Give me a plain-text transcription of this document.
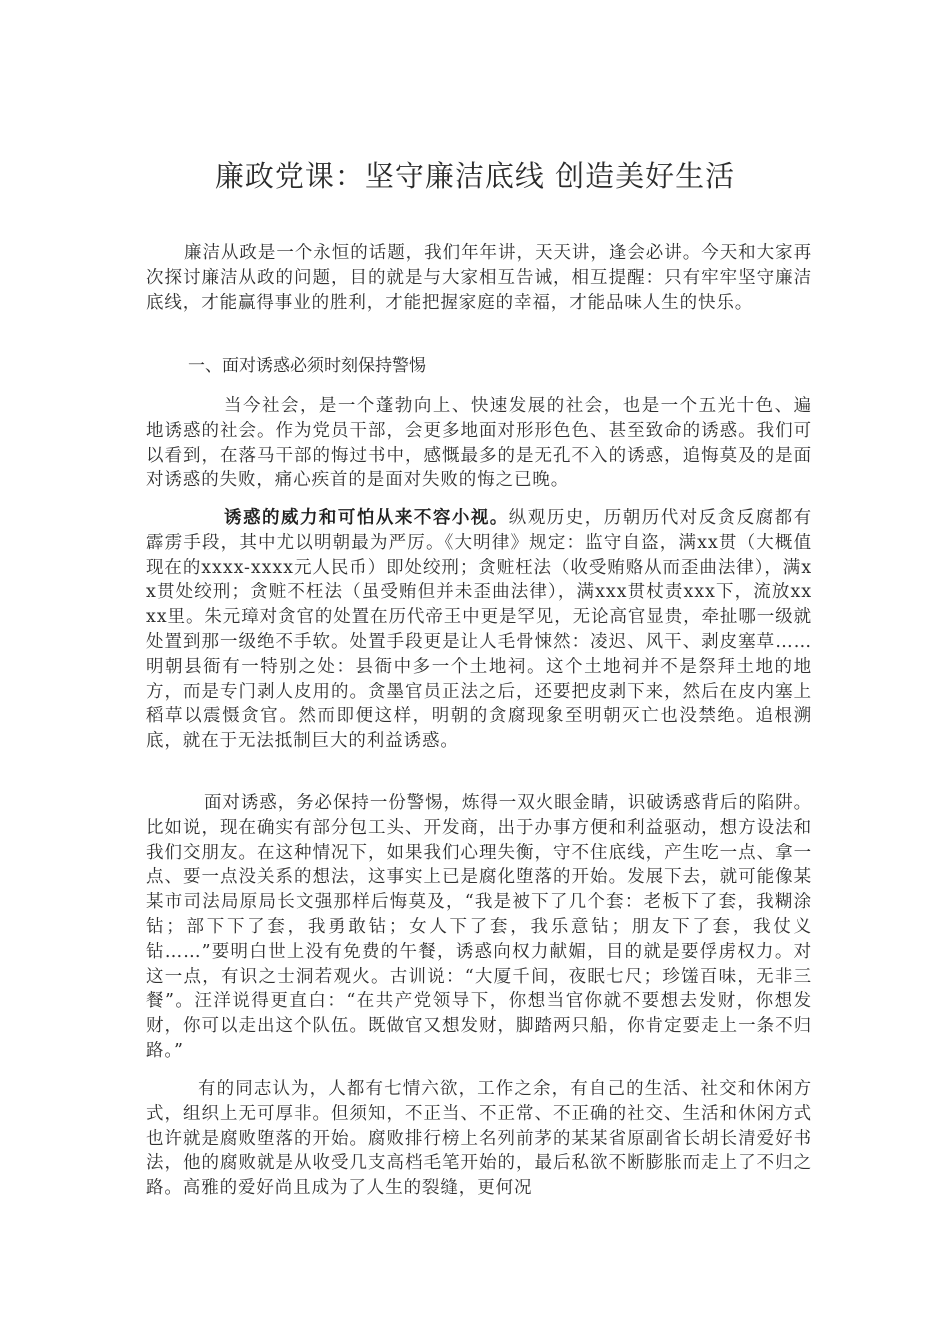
廉政党课：坚守廉洁底线 创造美好生活
廉洁从政是一个永恒的话题，我们年年讲，天天讲，逢会必讲。今天和大家再次探讨廉洁从政的问题，目的就是与大家相互告诫，相互提醒：只有牢牢坚守廉洁底线，才能赢得事业的胜利，才能把握家庭的幸福，才能品味人生的快乐。
一、面对诱惑必须时刻保持警惕
当今社会，是一个蓬勃向上、快速发展的社会，也是一个五光十色、遍地诱惑的社会。作为党员干部，会更多地面对形形色色、甚至致命的诱惑。我们可以看到，在落马干部的悔过书中，感慨最多的是无孔不入的诱惑，追悔莫及的是面对诱惑的失败，痛心疾首的是面对失败的悔之已晚。
诱惑的威力和可怕从来不容小视。纵观历史，历朝历代对反贪反腐都有霹雳手段，其中尤以明朝最为严厉。《大明律》规定：监守自盗，满xx贯（大概值现在的xxxx-xxxx元人民币）即处绞刑；贪赃枉法（收受贿赂从而歪曲法律），满xx贯处绞刑；贪赃不枉法（虽受贿但并未歪曲法律），满xxx贯杖责xxx下，流放xxxx里。朱元璋对贪官的处置在历代帝王中更是罕见，无论高官显贵，牵扯哪一级就处置到那一级绝不手软。处置手段更是让人毛骨悚然：凌迟、风干、剥皮塞草……明朝县衙有一特别之处：县衙中多一个土地祠。这个土地祠并不是祭拜土地的地方，而是专门剥人皮用的。贪墨官员正法之后，还要把皮剥下来，然后在皮内塞上稻草以震慑贪官。然而即便这样，明朝的贪腐现象至明朝灭亡也没禁绝。追根溯底，就在于无法抵制巨大的利益诱惑。
面对诱惑，务必保持一份警惕，炼得一双火眼金睛，识破诱惑背后的陷阱。比如说，现在确实有部分包工头、开发商，出于办事方便和利益驱动，想方设法和我们交朋友。在这种情况下，如果我们心理失衡，守不住底线，产生吃一点、拿一点、要一点没关系的想法，这事实上已是腐化堕落的开始。发展下去，就可能像某某市司法局原局长文强那样后悔莫及，“我是被下了几个套：老板下了套，我糊涂钻；部下下了套，我勇敢钻；女人下了套，我乐意钻；朋友下了套，我仗义钻……”要明白世上没有免费的午餐，诱惑向权力献媚，目的就是要俘虏权力。对这一点，有识之士洞若观火。古训说：“大厦千间，夜眠七尺；珍馐百味，无非三餐”。汪洋说得更直白：“在共产党领导下，你想当官你就不要想去发财，你想发财，你可以走出这个队伍。既做官又想发财，脚踏两只船，你肯定要走上一条不归路。”
有的同志认为，人都有七情六欲，工作之余，有自己的生活、社交和休闲方式，组织上无可厚非。但须知，不正当、不正常、不正确的社交、生活和休闲方式也许就是腐败堕落的开始。腐败排行榜上名列前茅的某某省原副省长胡长清爱好书法，他的腐败就是从收受几支高档毛笔开始的，最后私欲不断膨胀而走上了不归之路。高雅的爱好尚且成为了人生的裂缝，更何况
